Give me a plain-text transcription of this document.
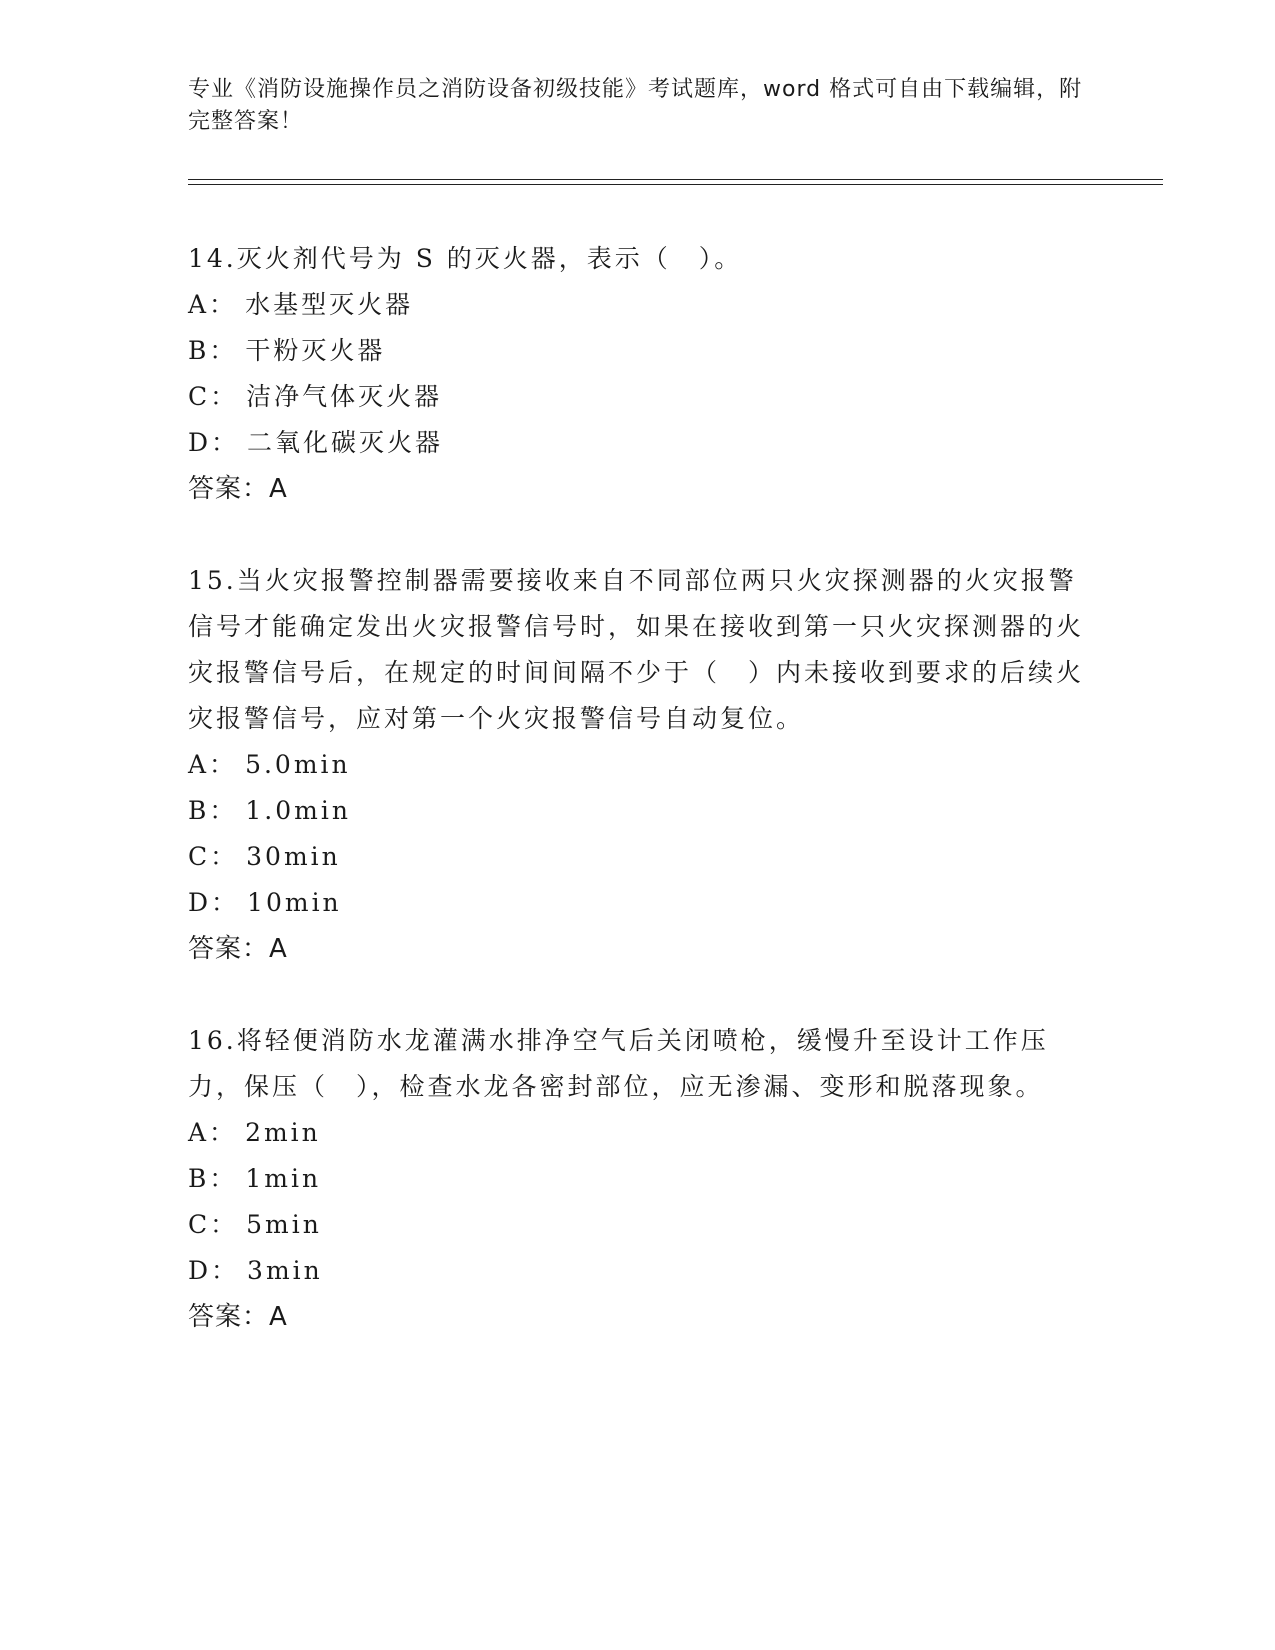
专业《消防设施操作员之消防设备初级技能》考试题库，word 格式可自由下载编辑，附完整答案！

14.灭火剂代号为 S 的灭火器，表示（　）。

A： 水基型灭火器

B： 干粉灭火器

C： 洁净气体灭火器

D： 二氧化碳灭火器

答案：A

15.当火灾报警控制器需要接收来自不同部位两只火灾探测器的火灾报警信号才能确定发出火灾报警信号时，如果在接收到第一只火灾探测器的火灾报警信号后，在规定的时间间隔不少于（　）内未接收到要求的后续火灾报警信号，应对第一个火灾报警信号自动复位。

A： 5.0min

B： 1.0min

C： 30min

D： 10min

答案：A

16.将轻便消防水龙灌满水排净空气后关闭喷枪，缓慢升至设计工作压力，保压（　），检查水龙各密封部位，应无渗漏、变形和脱落现象。

A： 2min

B： 1min

C： 5min

D： 3min

答案：A
